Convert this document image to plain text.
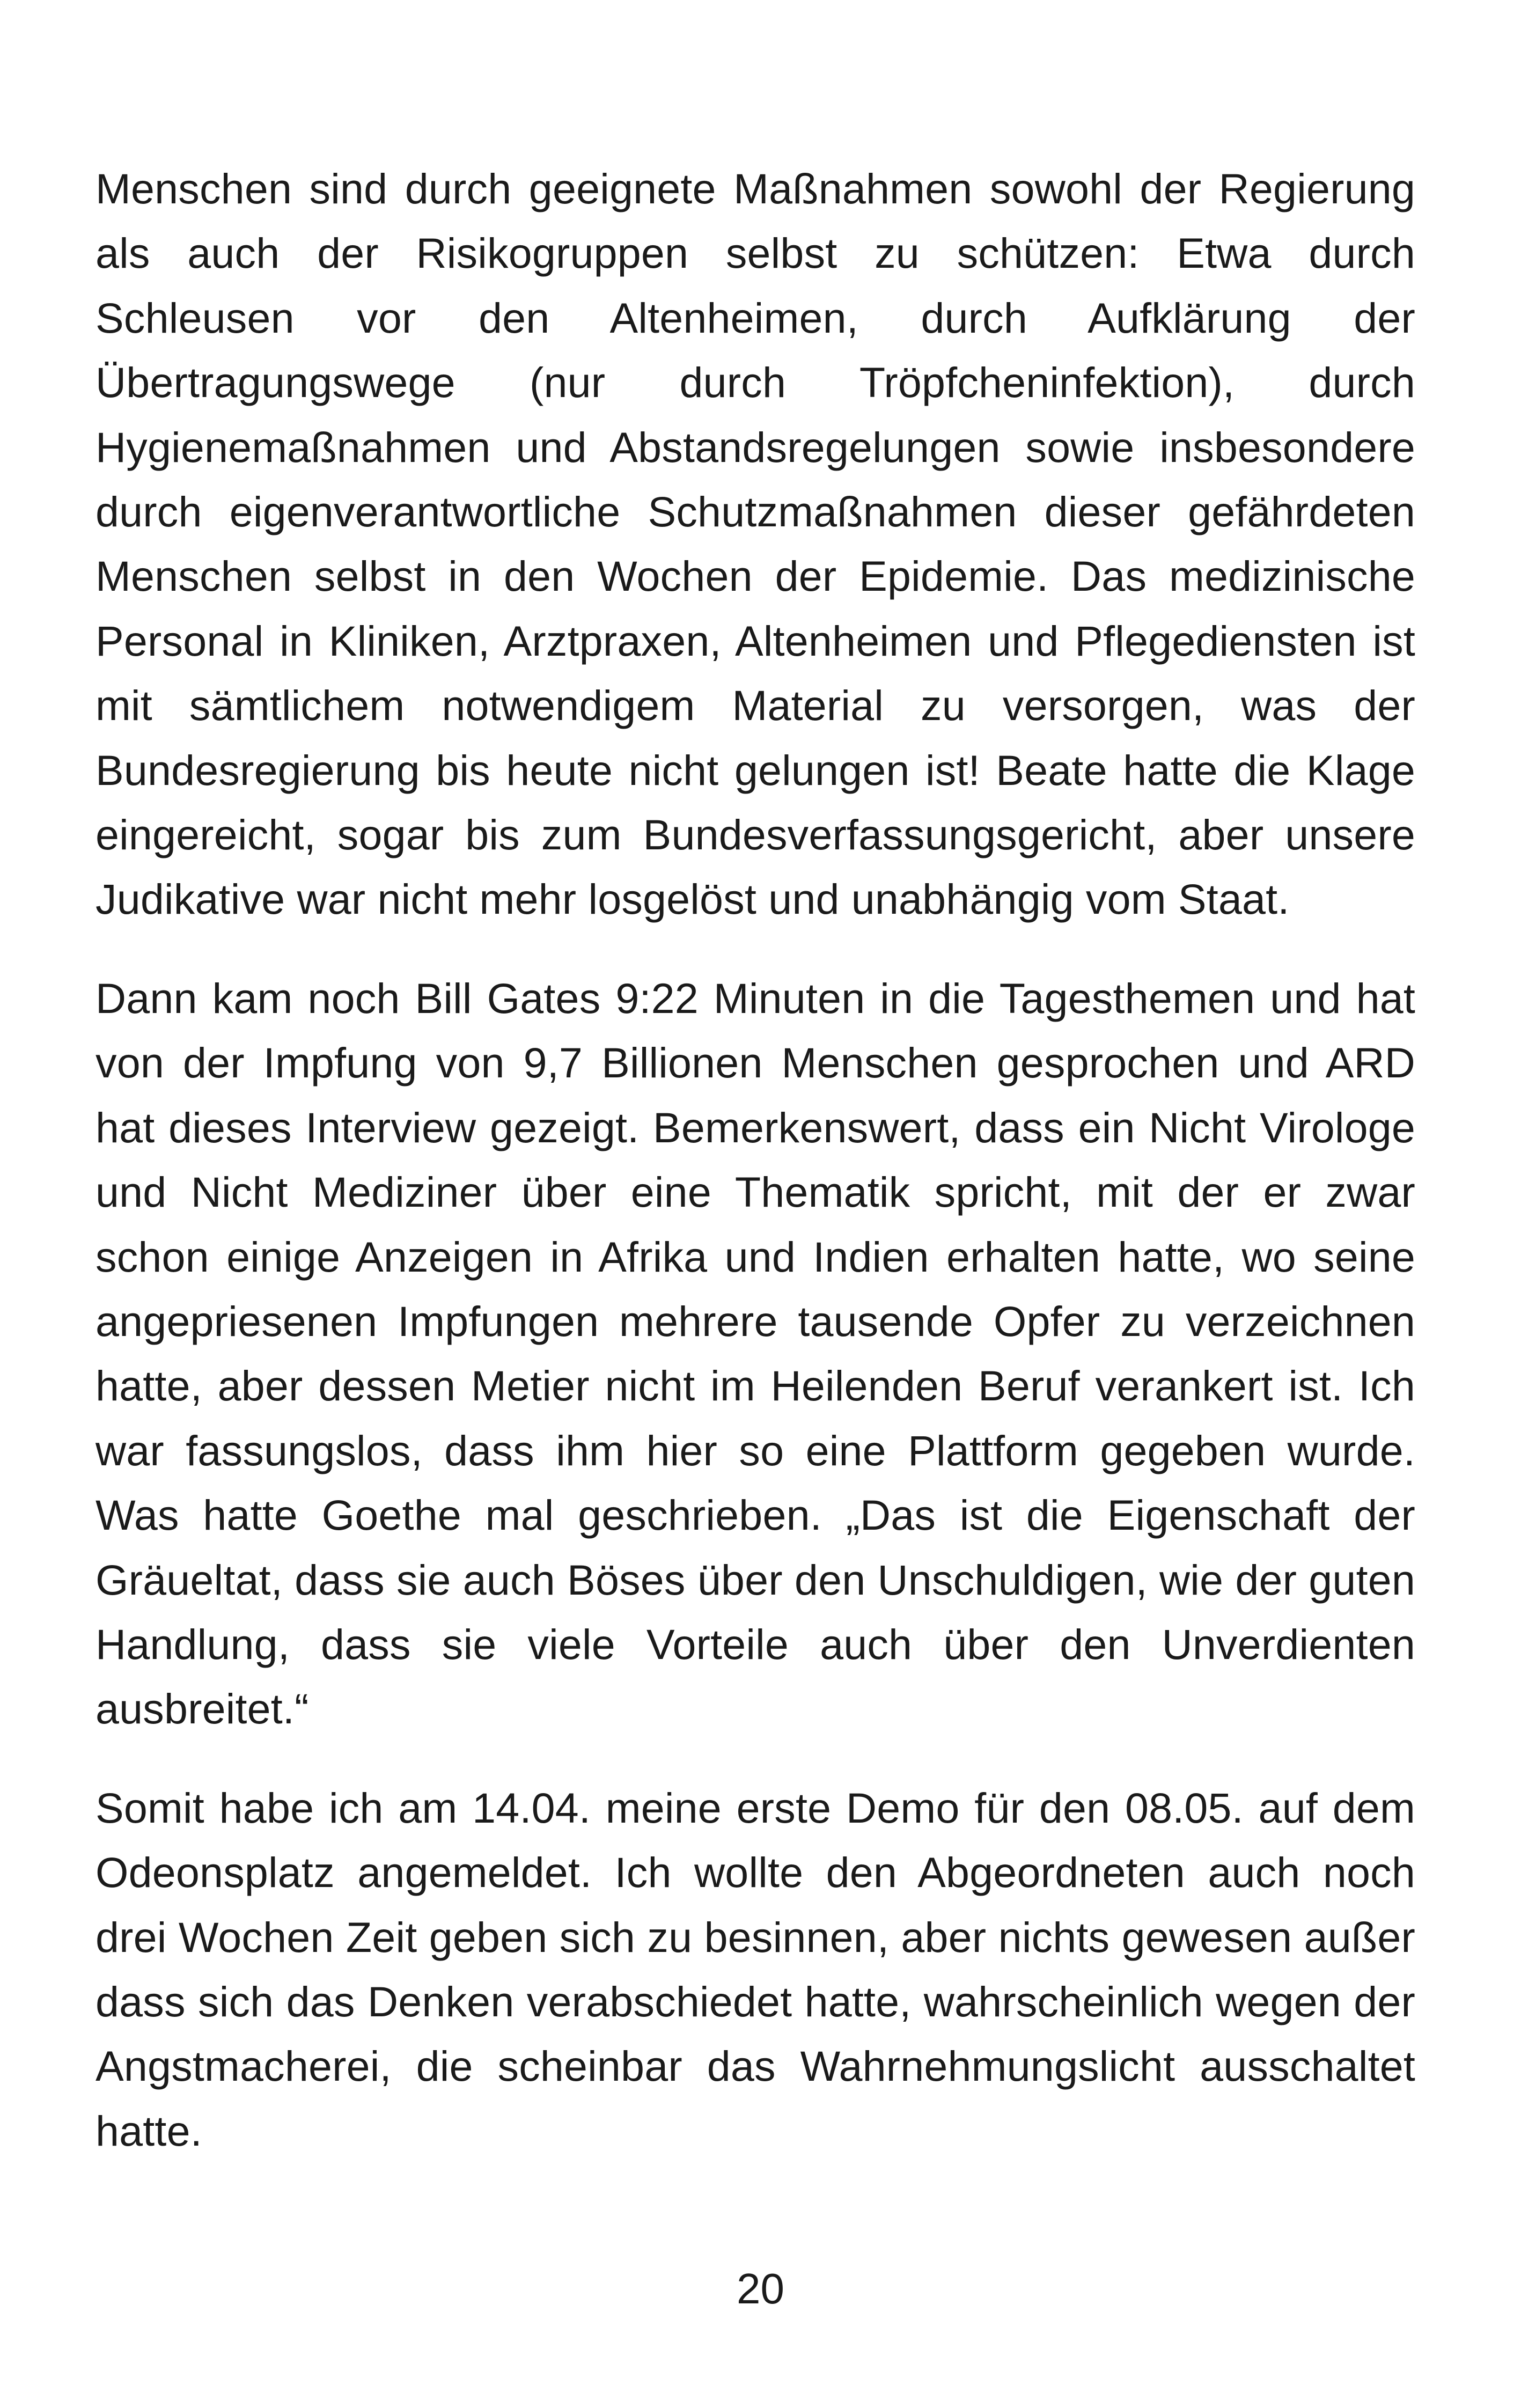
Menschen sind durch geeignete Maßnahmen sowohl der Regierung als auch der Risikogruppen selbst zu schützen: Etwa durch Schleusen vor den Altenheimen, durch Aufklärung der Übertragungswege (nur durch Tröpfcheninfektion), durch Hygienemaßnahmen und Abstandsregelungen sowie insbesondere durch eigenverantwortliche Schutzmaßnahmen dieser gefährdeten Menschen selbst in den Wochen der Epidemie. Das medizinische Personal in Kliniken, Arztpraxen, Altenheimen und Pflegediensten ist mit sämtlichem notwendigem Material zu versorgen, was der Bundesregierung bis heute nicht gelungen ist! Beate hatte die Klage eingereicht, sogar bis zum Bundesverfassungsgericht, aber unsere Judikative war nicht mehr losgelöst und unabhängig vom Staat.

Dann kam noch Bill Gates 9:22 Minuten in die Tagesthemen und hat von der Impfung von 9,7 Billionen Menschen gesprochen und ARD hat dieses Interview gezeigt. Bemerkenswert, dass ein Nicht Virologe und Nicht Mediziner über eine Thematik spricht, mit der er zwar schon einige Anzeigen in Afrika und Indien erhalten hatte, wo seine angepriesenen Impfungen mehrere tausende Opfer zu verzeichnen hatte, aber dessen Metier nicht im Heilenden Beruf verankert ist. Ich war fassungslos, dass ihm hier so eine Plattform gegeben wurde. Was hatte Goethe mal geschrieben. „Das ist die Eigenschaft der Gräueltat, dass sie auch Böses über den Unschuldigen, wie der guten Handlung, dass sie viele Vorteile auch über den Unverdienten ausbreitet.“

Somit habe ich am 14.04. meine erste Demo für den 08.05. auf dem Odeonsplatz angemeldet. Ich wollte den Abgeordneten auch noch drei Wochen Zeit geben sich zu besinnen, aber nichts gewesen außer dass sich das Denken verabschiedet hatte, wahrscheinlich wegen der Angstmacherei, die scheinbar das Wahrnehmungslicht ausschaltet hatte.

20
